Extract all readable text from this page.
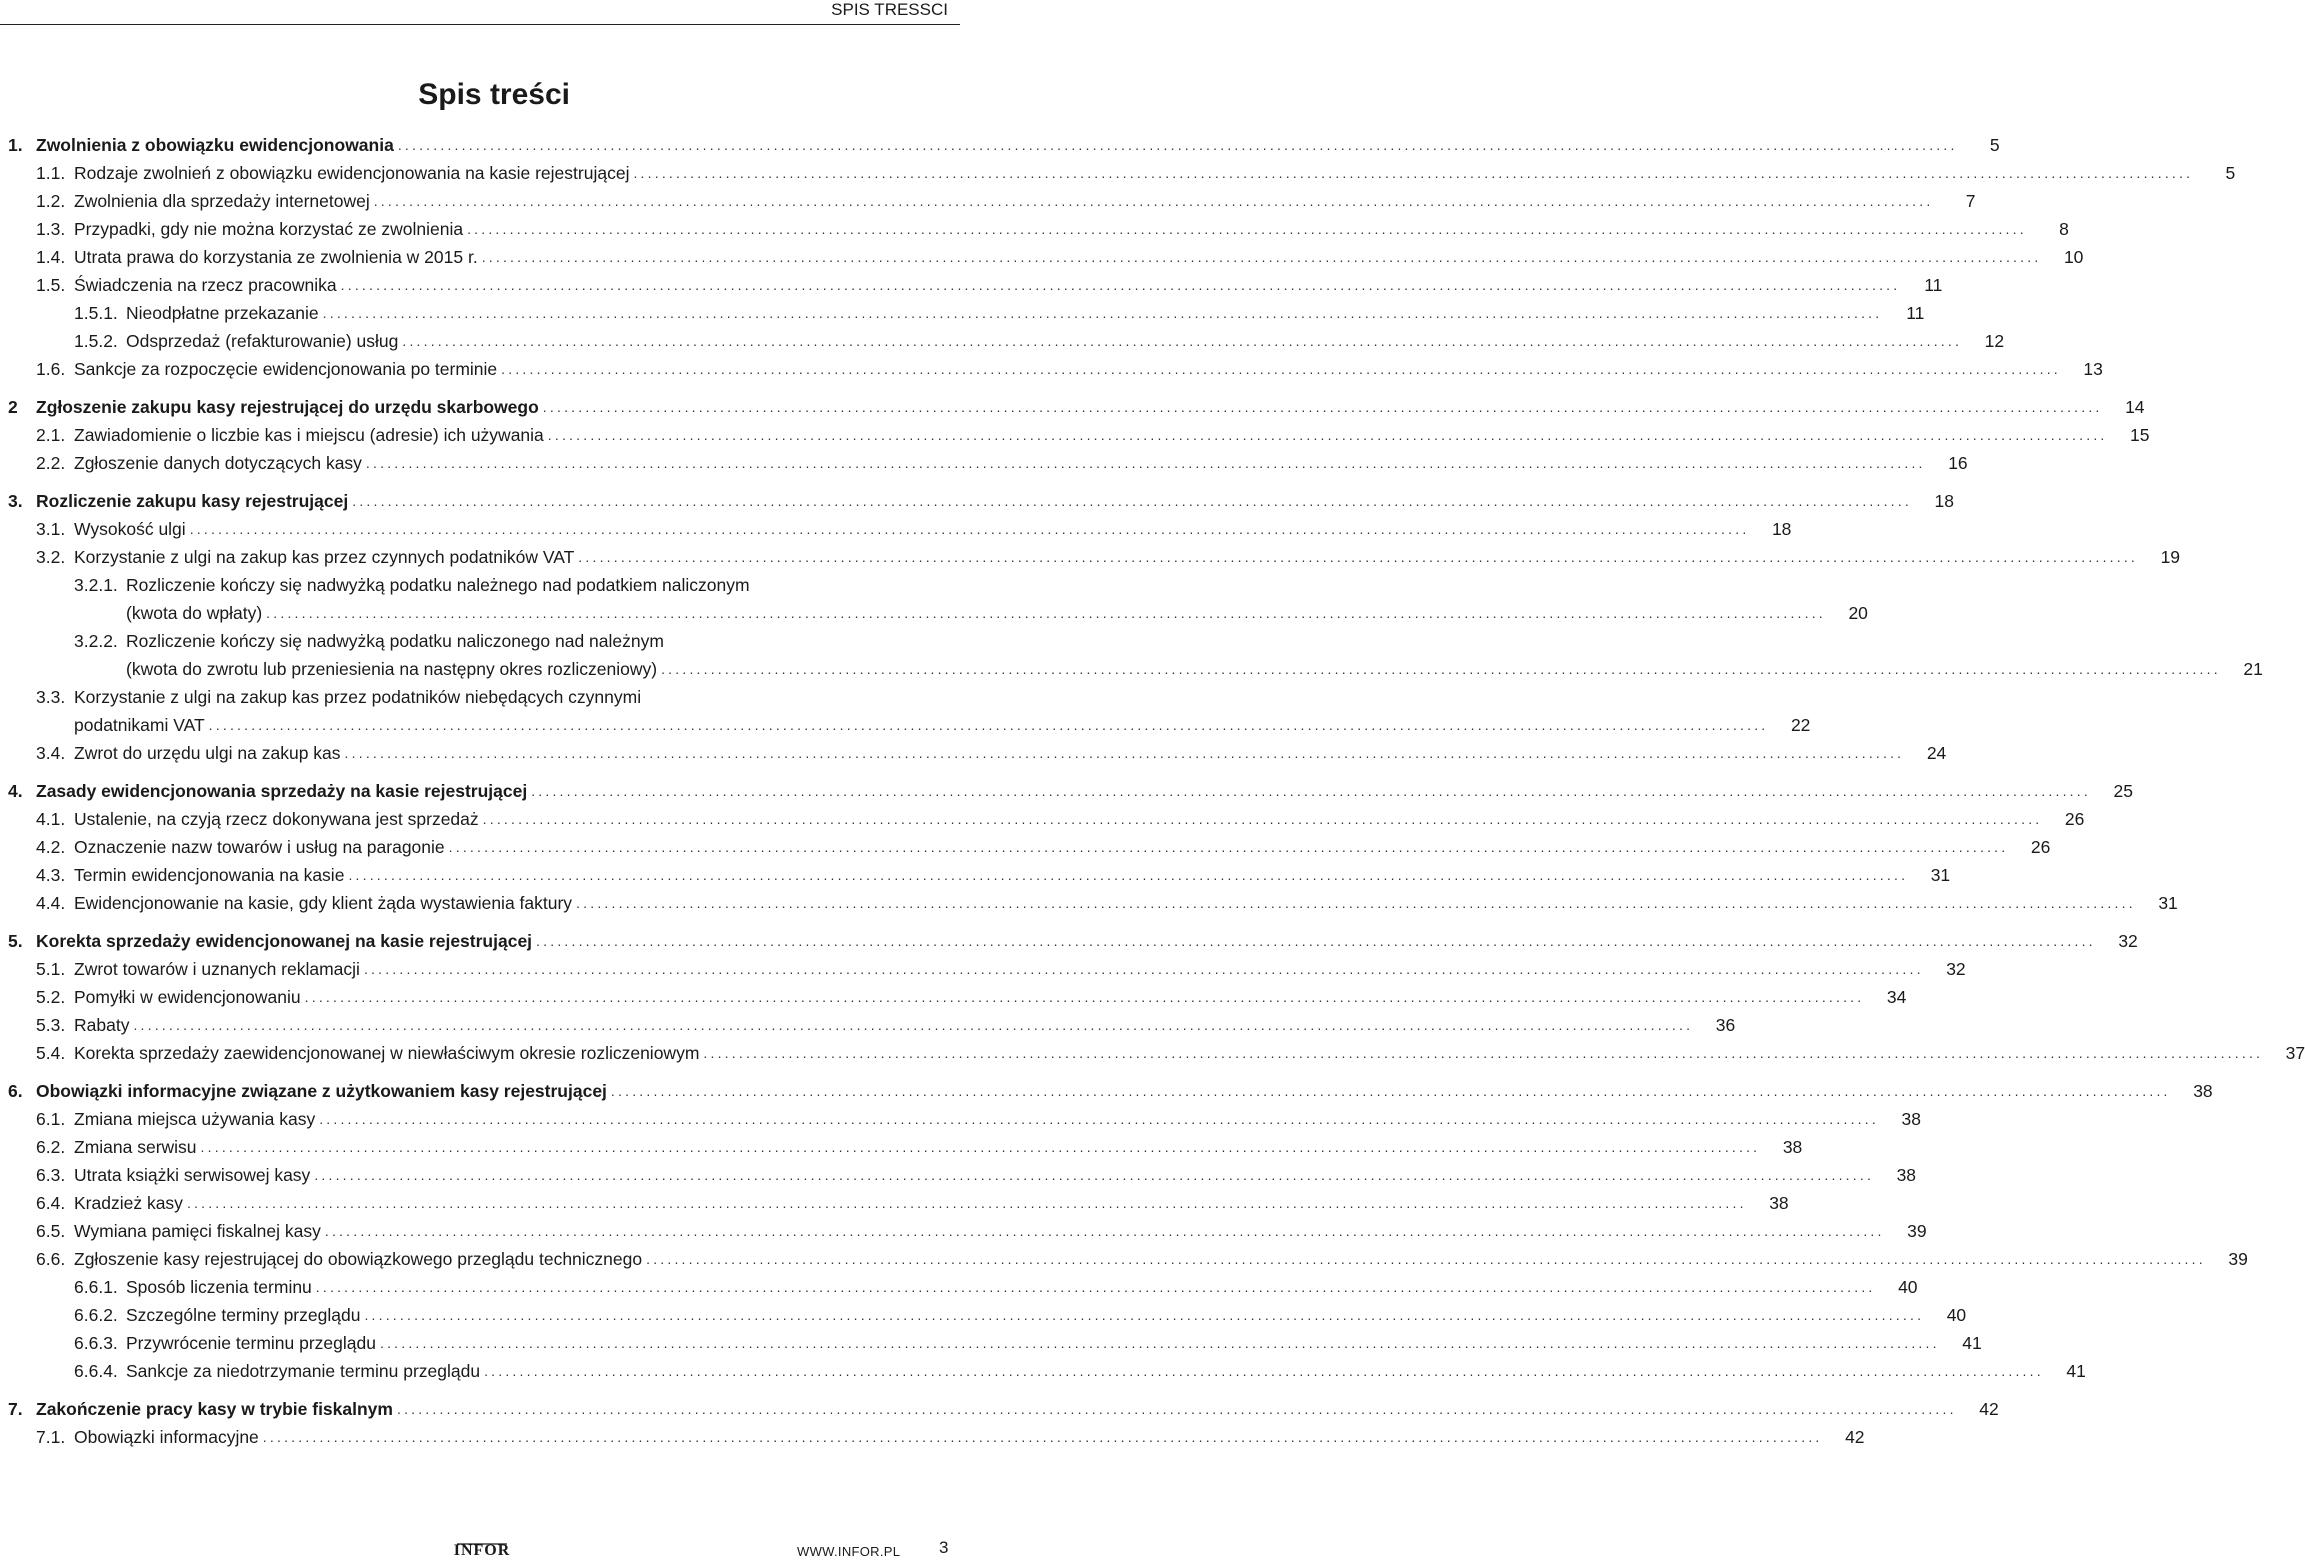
SPIS TRESSCI
Spis treści
1. Zwolnienia z obowiązku ewidencjonowania ............................................................................................................................................................................................................................	5
1.1. Rodzaje zwolnień z obowiązku ewidencjonowania na kasie rejestrującej ............................................................................................................................................................................................................................	5
1.2. Zwolnienia dla sprzedaży internetowej ............................................................................................................................................................................................................................	7
1.3. Przypadki, gdy nie można korzystać ze zwolnienia ............................................................................................................................................................................................................................	8
1.4. Utrata prawa do korzystania ze zwolnienia w 2015 r. ............................................................................................................................................................................................................................	10
1.5. Świadczenia na rzecz pracownika ............................................................................................................................................................................................................................	11
1.5.1. Nieodpłatne przekazanie ............................................................................................................................................................................................................................	11
1.5.2. Odsprzedaż (refakturowanie) usług ............................................................................................................................................................................................................................	12
1.6. Sankcje za rozpoczęcie ewidencjonowania po terminie ............................................................................................................................................................................................................................	13
2	Zgłoszenie zakupu kasy rejestrującej do urzędu skarbowego ............................................................................................................................................................................................................................	14
2.1. Zawiadomienie o liczbie kas i miejscu (adresie) ich używania ............................................................................................................................................................................................................................	15
2.2. Zgłoszenie danych dotyczących kasy ............................................................................................................................................................................................................................	16
3. Rozliczenie zakupu kasy rejestrującej ............................................................................................................................................................................................................................	18
3.1. Wysokość ulgi ............................................................................................................................................................................................................................	18
3.2. Korzystanie z ulgi na zakup kas przez czynnych podatników VAT ............................................................................................................................................................................................................................	19
3.2.1. Rozliczenie kończy się nadwyżką podatku należnego nad podatkiem naliczonym
(kwota do wpłaty) ............................................................................................................................................................................................................................	20
3.2.2. Rozliczenie kończy się nadwyżką podatku naliczonego nad należnym
(kwota do zwrotu lub przeniesienia na następny okres rozliczeniowy) ............................................................................................................................................................................................................................	21
3.3. Korzystanie z ulgi na zakup kas przez podatników niebędących czynnymi
podatnikami VAT ............................................................................................................................................................................................................................	22
3.4. Zwrot do urzędu ulgi na zakup kas ............................................................................................................................................................................................................................	24
4. Zasady ewidencjonowania sprzedaży na kasie rejestrującej ............................................................................................................................................................................................................................	25
4.1. Ustalenie, na czyją rzecz dokonywana jest sprzedaż ............................................................................................................................................................................................................................	26
4.2. Oznaczenie nazw towarów i usług na paragonie ............................................................................................................................................................................................................................	26
4.3. Termin ewidencjonowania na kasie ............................................................................................................................................................................................................................	31
4.4. Ewidencjonowanie na kasie, gdy klient żąda wystawienia faktury ............................................................................................................................................................................................................................	31
5. Korekta sprzedaży ewidencjonowanej na kasie rejestrującej ............................................................................................................................................................................................................................	32
5.1. Zwrot towarów i uznanych reklamacji ............................................................................................................................................................................................................................	32
5.2. Pomyłki w ewidencjonowaniu ............................................................................................................................................................................................................................	34
5.3. Rabaty ............................................................................................................................................................................................................................	36
5.4. Korekta sprzedaży zaewidencjonowanej w niewłaściwym okresie rozliczeniowym ............................................................................................................................................................................................................................	37
6. Obowiązki informacyjne związane z użytkowaniem kasy rejestrującej ............................................................................................................................................................................................................................	38
6.1. Zmiana miejsca używania kasy ............................................................................................................................................................................................................................	38
6.2. Zmiana serwisu ............................................................................................................................................................................................................................	38
6.3. Utrata książki serwisowej kasy ............................................................................................................................................................................................................................	38
6.4. Kradzież kasy ............................................................................................................................................................................................................................	38
6.5. Wymiana pamięci fiskalnej kasy ............................................................................................................................................................................................................................	39
6.6. Zgłoszenie kasy rejestrującej do obowiązkowego przeglądu technicznego ............................................................................................................................................................................................................................	39
6.6.1. Sposób liczenia terminu ............................................................................................................................................................................................................................	40
6.6.2. Szczególne terminy przeglądu ............................................................................................................................................................................................................................	40
6.6.3. Przywrócenie terminu przeglądu ............................................................................................................................................................................................................................	41
6.6.4. Sankcje za niedotrzymanie terminu przeglądu ............................................................................................................................................................................................................................	41
7. Zakończenie pracy kasy w trybie fiskalnym ............................................................................................................................................................................................................................	42
7.1. Obowiązki informacyjne ............................................................................................................................................................................................................................	42
INFOR	WWW.INFOR.PL 3
